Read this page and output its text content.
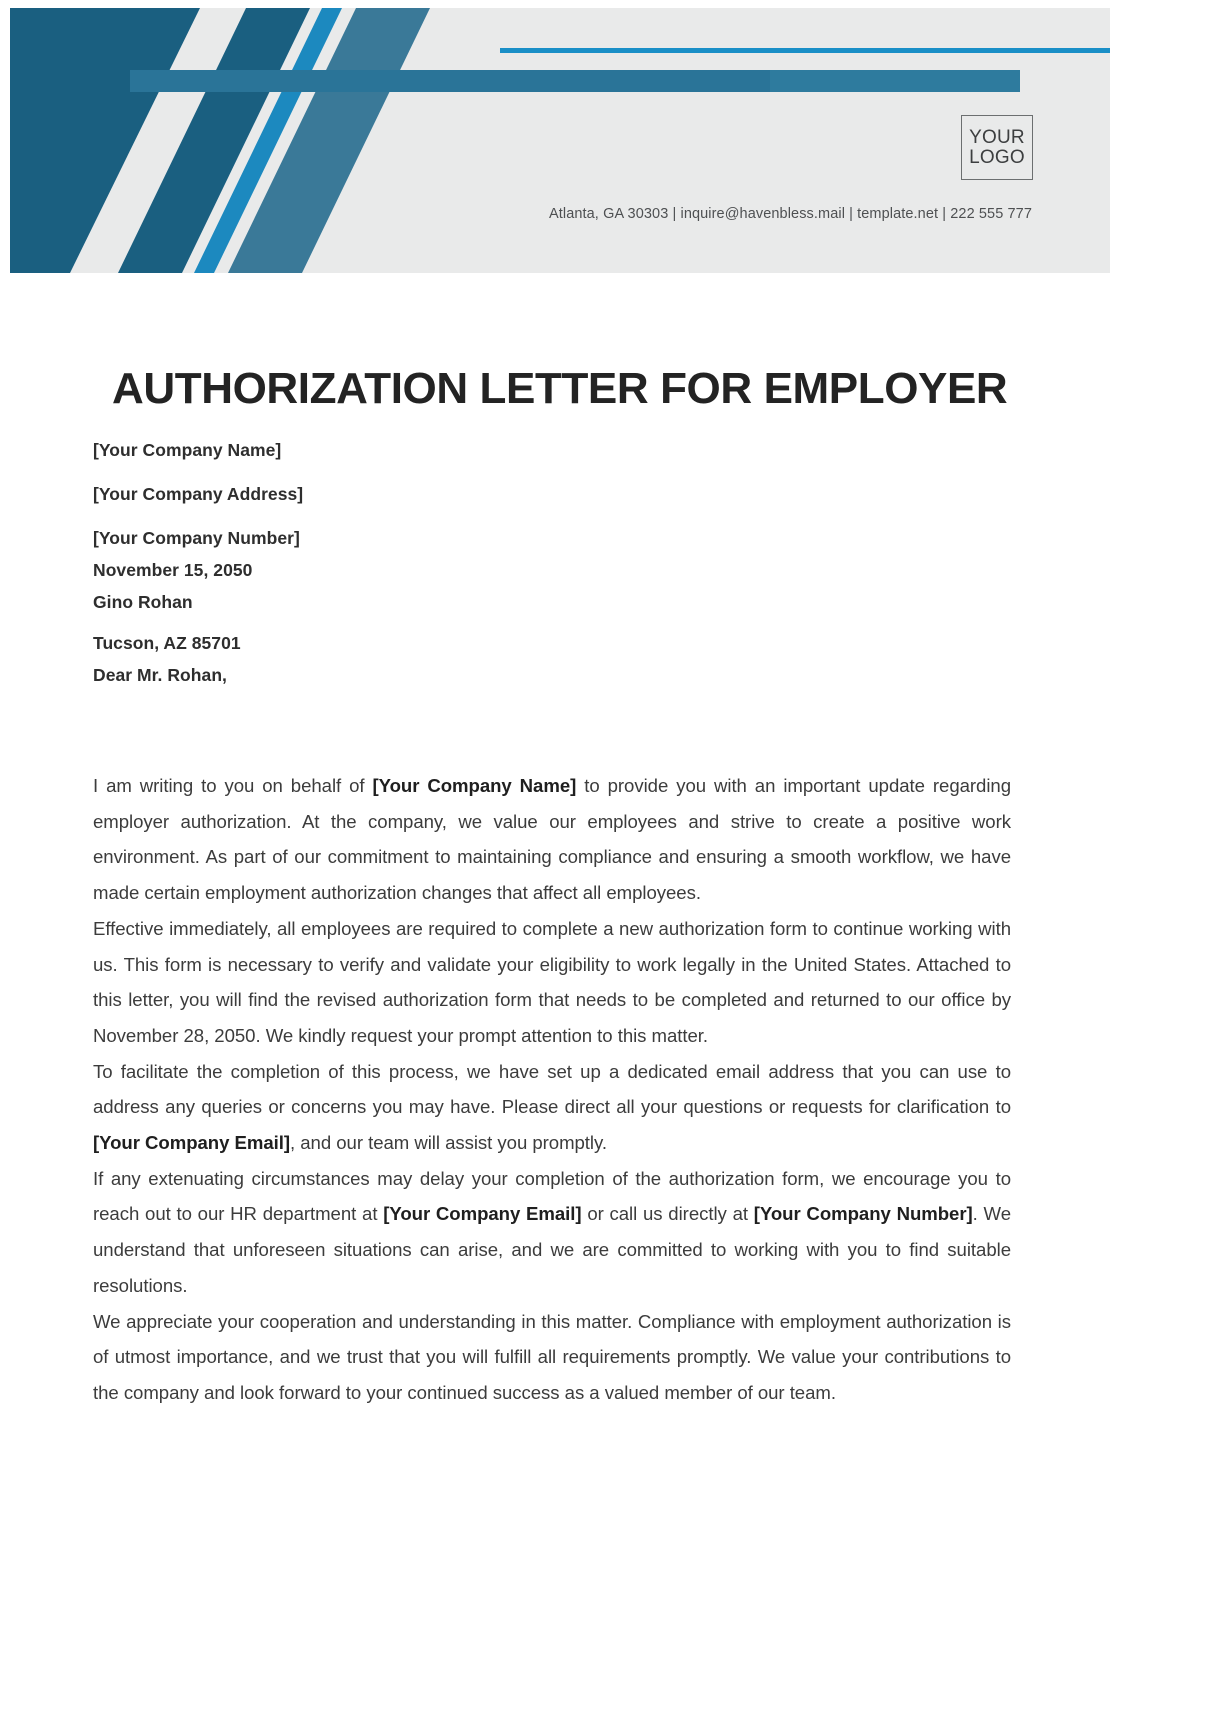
YOUR
LOGO
Atlanta, GA 30303 | inquire@havenbless.mail | template.net | 222 555 777
AUTHORIZATION LETTER FOR EMPLOYER
[Your Company Name]
[Your Company Address]
[Your Company Number]
November 15, 2050
Gino Rohan
Tucson, AZ 85701
Dear Mr. Rohan,

I am writing to you on behalf of [Your Company Name] to provide you with an important update regarding employer authorization. At the company, we value our employees and strive to create a positive work environment. As part of our commitment to maintaining compliance and ensuring a smooth workflow, we have made certain employment authorization changes that affect all employees.

Effective immediately, all employees are required to complete a new authorization form to continue working with us. This form is necessary to verify and validate your eligibility to work legally in the United States. Attached to this letter, you will find the revised authorization form that needs to be completed and returned to our office by November 28, 2050. We kindly request your prompt attention to this matter.

To facilitate the completion of this process, we have set up a dedicated email address that you can use to address any queries or concerns you may have. Please direct all your questions or requests for clarification to [Your Company Email], and our team will assist you promptly.

If any extenuating circumstances may delay your completion of the authorization form, we encourage you to reach out to our HR department at [Your Company Email] or call us directly at [Your Company Number]. We understand that unforeseen situations can arise, and we are committed to working with you to find suitable resolutions.

We appreciate your cooperation and understanding in this matter. Compliance with employment authorization is of utmost importance, and we trust that you will fulfill all requirements promptly. We value your contributions to the company and look forward to your continued success as a valued member of our team.
